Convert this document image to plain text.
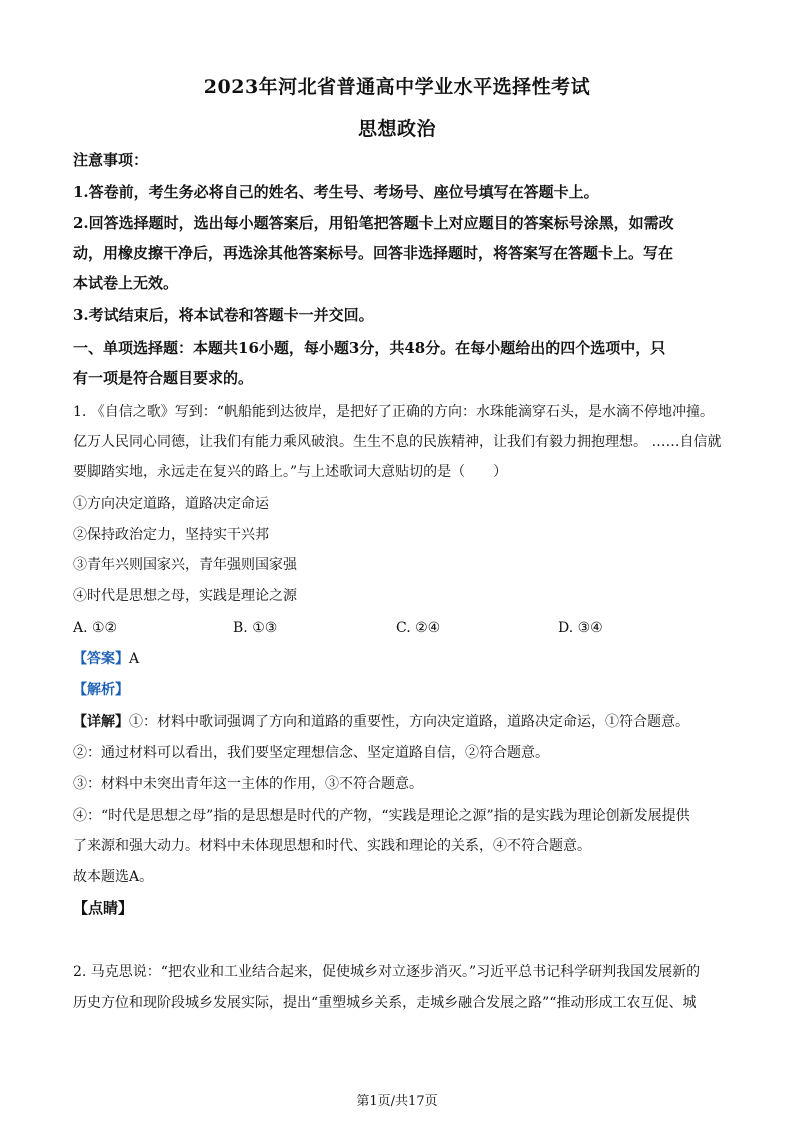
2023年河北省普通高中学业水平选择性考试
思想政治
注意事项：
1.答卷前，考生务必将自己的姓名、考生号、考场号、座位号填写在答题卡上。
2.回答选择题时，选出每小题答案后，用铅笔把答题卡上对应题目的答案标号涂黑，如需改
动，用橡皮擦干净后，再选涂其他答案标号。回答非选择题时，将答案写在答题卡上。写在
本试卷上无效。
3.考试结束后，将本试卷和答题卡一并交回。
一、单项选择题：本题共16小题，每小题3分，共48分。在每小题给出的四个选项中，只
有一项是符合题目要求的。
1. 《自信之歌》写到：“帆船能到达彼岸，是把好了正确的方向：水珠能滴穿石头，是水滴不停地冲撞。
亿万人民同心同德，让我们有能力乘风破浪。生生不息的民族精神，让我们有毅力拥抱理想。 ……自信就
要脚踏实地，永远走在复兴的路上。”与上述歌词大意贴切的是（　　）
①方向决定道路，道路决定命运
②保持政治定力，坚持实干兴邦
③青年兴则国家兴，青年强则国家强
④时代是思想之母，实践是理论之源
A. ①②	B. ①③	C. ②④	D. ③④
【答案】A
【解析】
【详解】①：材料中歌词强调了方向和道路的重要性，方向决定道路，道路决定命运，①符合题意。
②：通过材料可以看出，我们要坚定理想信念、坚定道路自信，②符合题意。
③：材料中未突出青年这一主体的作用，③不符合题意。
④：“时代是思想之母”指的是思想是时代的产物，“实践是理论之源”指的是实践为理论创新发展提供
了来源和强大动力。材料中未体现思想和时代、实践和理论的关系，④不符合题意。
故本题选A。
【点睛】
2. 马克思说：“把农业和工业结合起来，促使城乡对立逐步消灭。”习近平总书记科学研判我国发展新的
历史方位和现阶段城乡发展实际，提出“重塑城乡关系，走城乡融合发展之路”“推动形成工农互促、城
第1页/共17页
